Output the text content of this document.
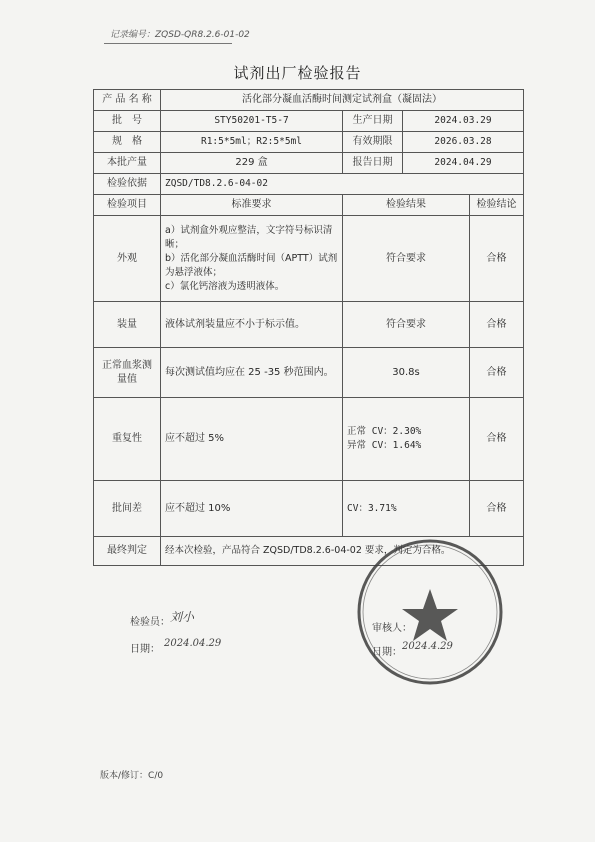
记录编号：ZQSD-QR8.2.6-01-02
试剂出厂检验报告
产 品 名 称	活化部分凝血活酶时间测定试剂盒（凝固法）			
批　号	STY50201-T5-7	生产日期	2024.03.29	
规　格	R1:5*5ml；R2:5*5ml	有效期限	2026.03.28	
本批产量	229 盒	报告日期	2024.04.29	
检验依据	ZQSD/TD8.2.6-04-02			
检验项目	标准要求	检验结果		检验结论
外观	a）试剂盒外观应整洁，文字符号标识清晰；
b）活化部分凝血活酶时间（APTT）试剂为悬浮液体；
c）氯化钙溶液为透明液体。	符合要求		合格
装量	液体试剂装量应不小于标示值。	符合要求		合格
正常血浆测量值	每次测试值均应在 25 -35 秒范围内。	30.8s		合格
重复性	应不超过 5%	正常 CV：2.30%
异常 CV：1.64%		合格
批间差	应不超过 10%	CV：3.71%		合格
最终判定	经本次检验，产品符合 ZQSD/TD8.2.6-04-02 要求，判定为合格。			
检验员： 刘小
日期：
2024.04.29
审核人：
日期：
2024.4.29
版本/修订：C/0
